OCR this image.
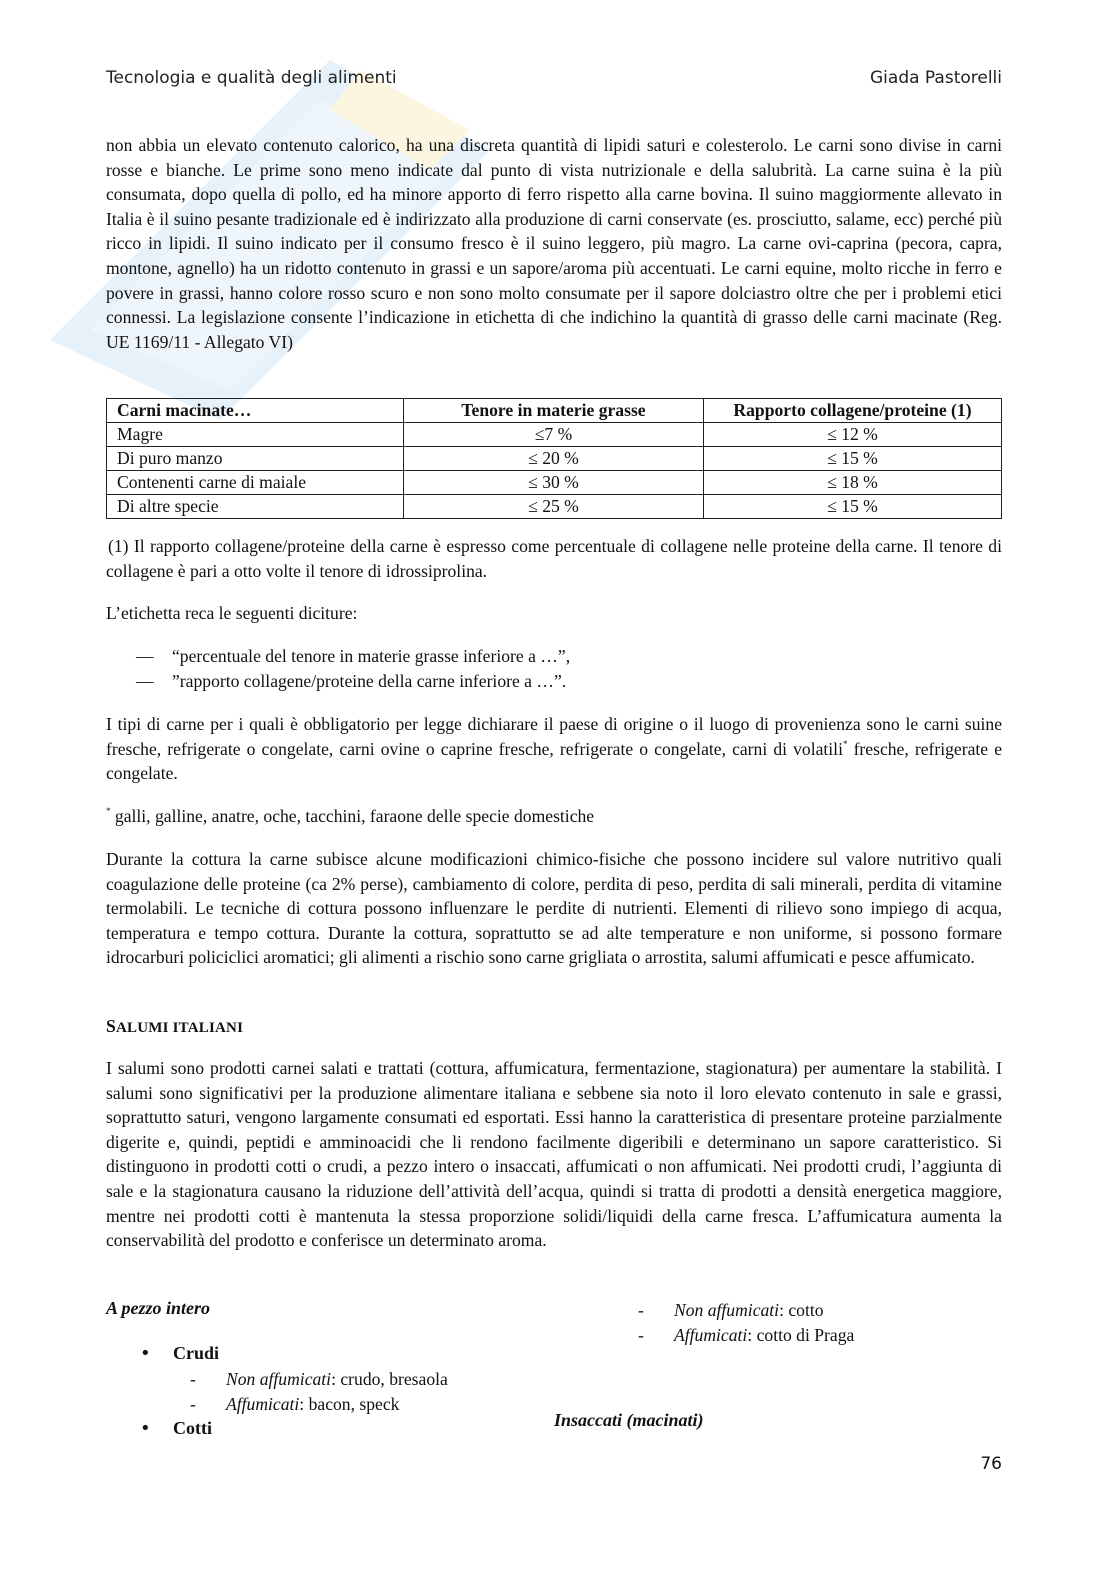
Tecnologia e qualità degli alimenti	Giada Pastorelli

non abbia un elevato contenuto calorico, ha una discreta quantità di lipidi saturi e colesterolo. Le carni sono divise in carni rosse e bianche. Le prime sono meno indicate dal punto di vista nutrizionale e della salubrità. La carne suina è la più consumata, dopo quella di pollo, ed ha minore apporto di ferro rispetto alla carne bovina. Il suino maggiormente allevato in Italia è il suino pesante tradizionale ed è indirizzato alla produzione di carni conservate (es. prosciutto, salame, ecc) perché più ricco in lipidi. Il suino indicato per il consumo fresco è il suino leggero, più magro. La carne ovi-caprina (pecora, capra, montone, agnello) ha un ridotto contenuto in grassi e un sapore/aroma più accentuati. Le carni equine, molto ricche in ferro e povere in grassi, hanno colore rosso scuro e non sono molto consumate per il sapore dolciastro oltre che per i problemi etici connessi. La legislazione consente l’indicazione in etichetta di che indichino la quantità di grasso delle carni macinate (Reg. UE 1169/11 - Allegato VI)

Carni macinate…	Tenore in materie grasse	Rapporto collagene/proteine (1)
Magre	≤7 %	≤ 12 %
Di puro manzo	≤ 20 %	≤ 15 %
Contenenti carne di maiale	≤ 30 %	≤ 18 %
Di altre specie	≤ 25 %	≤ 15 %

(1) Il rapporto collagene/proteine della carne è espresso come percentuale di collagene nelle proteine della carne. Il tenore di collagene è pari a otto volte il tenore di idrossiprolina.

L’etichetta reca le seguenti diciture:

— “percentuale del tenore in materie grasse inferiore a …”,
— ”rapporto collagene/proteine della carne inferiore a …”.

I tipi di carne per i quali è obbligatorio per legge dichiarare il paese di origine o il luogo di provenienza sono le carni suine fresche, refrigerate o congelate, carni ovine o caprine fresche, refrigerate o congelate, carni di volatili* fresche, refrigerate e congelate.

* galli, galline, anatre, oche, tacchini, faraone delle specie domestiche

Durante la cottura la carne subisce alcune modificazioni chimico-fisiche che possono incidere sul valore nutritivo quali coagulazione delle proteine (ca 2% perse), cambiamento di colore, perdita di peso, perdita di sali minerali, perdita di vitamine termolabili. Le tecniche di cottura possono influenzare le perdite di nutrienti. Elementi di rilievo sono impiego di acqua, temperatura e tempo cottura. Durante la cottura, soprattutto se ad alte temperature e non uniforme, si possono formare idrocarburi policiclici aromatici; gli alimenti a rischio sono carne grigliata o arrostita, salumi affumicati e pesce affumicato.

SALUMI ITALIANI

I salumi sono prodotti carnei salati e trattati (cottura, affumicatura, fermentazione, stagionatura) per aumentare la stabilità. I salumi sono significativi per la produzione alimentare italiana e sebbene sia noto il loro elevato contenuto in sale e grassi, soprattutto saturi, vengono largamente consumati ed esportati. Essi hanno la caratteristica di presentare proteine parzialmente digerite e, quindi, peptidi e amminoacidi che li rendono facilmente digeribili e determinano un sapore caratteristico. Si distinguono in prodotti cotti o crudi, a pezzo intero o insaccati, affumicati o non affumicati. Nei prodotti crudi, l’aggiunta di sale e la stagionatura causano la riduzione dell’attività dell’acqua, quindi si tratta di prodotti a densità energetica maggiore, mentre nei prodotti cotti è mantenuta la stessa proporzione solidi/liquidi della carne fresca. L’affumicatura aumenta la conservabilità del prodotto e conferisce un determinato aroma.

A pezzo intero
• Crudi
- Non affumicati: crudo, bresaola
- Affumicati: bacon, speck
• Cotti
- Non affumicati: cotto
- Affumicati: cotto di Praga
Insaccati (macinati)
76
